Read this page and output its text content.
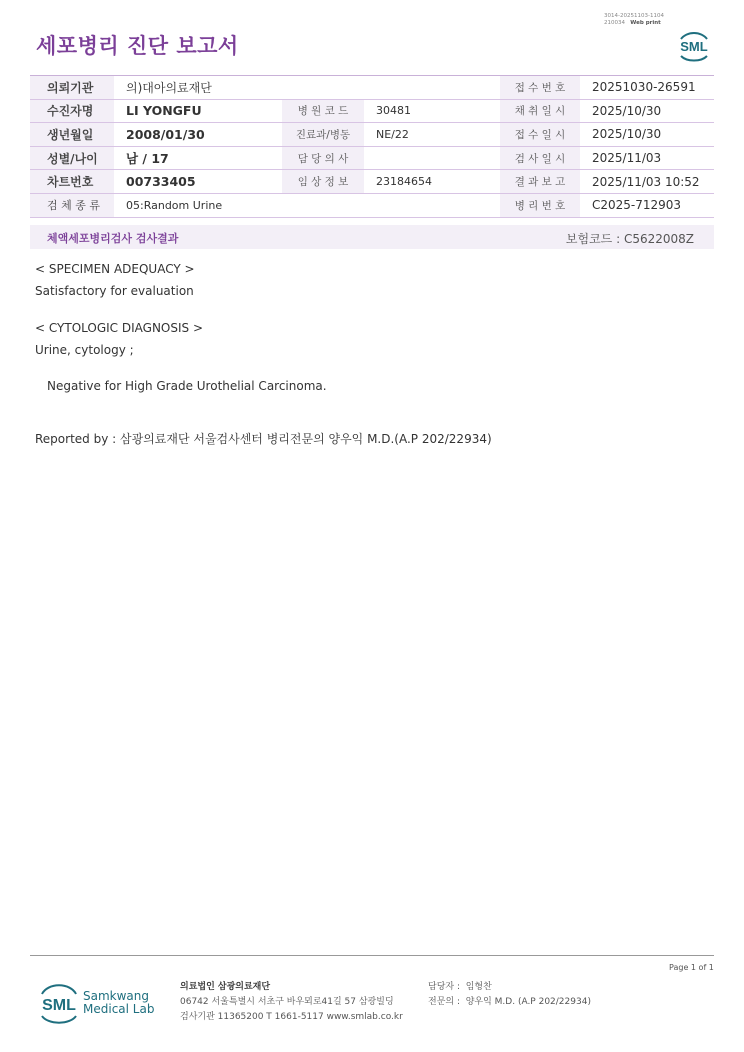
3014-20251103-1104
210034 Web print
세포병리 진단 보고서	SML
의뢰기관	의)대아의료재단			접 수 번 호	20251030-26591
수진자명	LI YONGFU	병 원 코 드	30481	채 취 일 시	2025/10/30
생년월일	2008/01/30	진료과/병동	NE/22	접 수 일 시	2025/10/30
성별/나이	남 / 17	담 당 의 사		검 사 일 시	2025/11/03
차트번호	00733405	임 상 정 보	23184654	결 과 보 고	2025/11/03 10:52
검 체 종 류	05:Random Urine			병 리 번 호	C2025-712903
체액세포병리검사 검사결과	보험코드 : C5622008Z
< SPECIMEN ADEQUACY >
Satisfactory for evaluation
< CYTOLOGIC DIAGNOSIS >
Urine, cytology ;
Negative for High Grade Urothelial Carcinoma.
Reported by : 삼광의료재단 서울검사센터 병리전문의 양우익 M.D.(A.P 202/22934)
Page 1 of 1
SML
Samkwang
Medical Lab
의료법인 삼광의료재단
06742 서울특별시 서초구 바우뫼로41길 57 삼광빌딩
검사기관 11365200 T 1661-5117 www.smlab.co.kr
담당자 : 임형찬
전문의 : 양우익 M.D. (A.P 202/22934)
